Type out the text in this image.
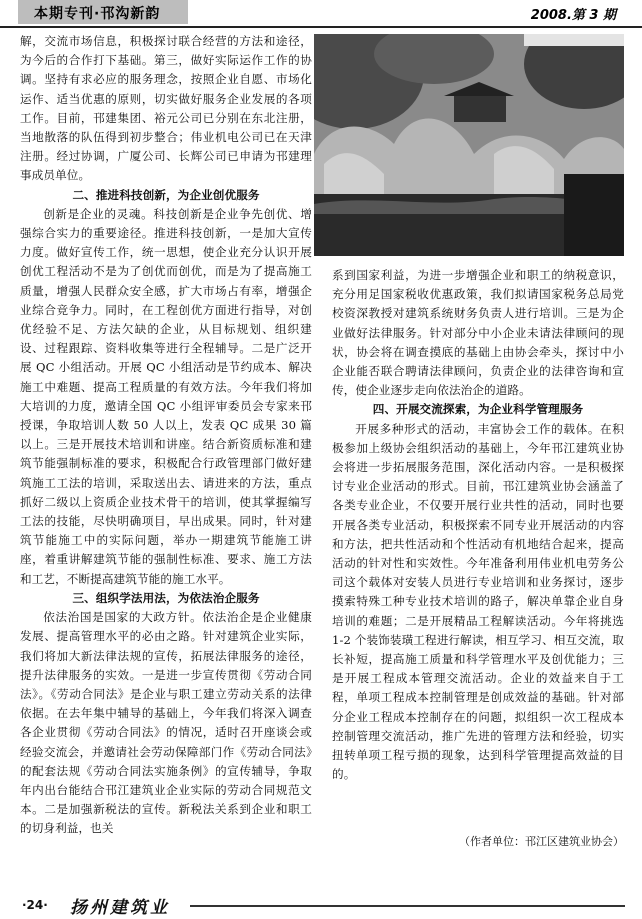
本期专刊·邗沟新韵	2008.第 3 期

解，交流市场信息，积极探讨联合经营的方法和途径，为今后的合作打下基础。第三，做好实际运作工作的协调。坚持有求必应的服务理念，按照企业自愿、市场化运作、适当优惠的原则，切实做好服务企业发展的各项工作。目前，邗建集团、裕元公司已分别在东北注册，当地散落的队伍得到初步整合；伟业机电公司已在天津注册。经过协调，广厦公司、长辉公司已申请为邗建理事成员单位。

二、推进科技创新，为企业创优服务

创新是企业的灵魂。科技创新是企业争先创优、增强综合实力的重要途径。推进科技创新，一是加大宣传力度。做好宣传工作，统一思想，使企业充分认识开展创优工程活动不是为了创优而创优，而是为了提高施工质量，增强人民群众安全感，扩大市场占有率，增强企业综合竞争力。同时，在工程创优方面进行指导，对创优经验不足、方法欠缺的企业，从目标规划、组织建设、过程跟踪、资料收集等进行全程辅导。二是广泛开展 QC 小组活动。开展 QC 小组活动是节约成本、解决施工中难题、提高工程质量的有效方法。今年我们将加大培训的力度，邀请全国 QC 小组评审委员会专家来邗授课，争取培训人数 50 人以上，发表 QC 成果 30 篇以上。三是开展技术培训和讲座。结合新资质标准和建筑节能强制标准的要求，积极配合行政管理部门做好建筑施工工法的培训，采取送出去、请进来的方法，重点抓好二级以上资质企业技术骨干的培训，使其掌握编写工法的技能，尽快明确项目，早出成果。同时，针对建筑节能施工中的实际问题，举办一期建筑节能施工讲座，着重讲解建筑节能的强制性标准、要求、施工方法和工艺，不断提高建筑节能的施工水平。

三、组织学法用法，为依法治企服务

依法治国是国家的大政方针。依法治企是企业健康发展、提高管理水平的必由之路。针对建筑企业实际，我们将加大新法律法规的宣传，拓展法律服务的途径，提升法律服务的实效。一是进一步宣传贯彻《劳动合同法》。《劳动合同法》是企业与职工建立劳动关系的法律依据。在去年集中辅导的基础上，今年我们将深入调查各企业贯彻《劳动合同法》的情况，适时召开座谈会或经验交流会，并邀请社会劳动保障部门作《劳动合同法》的配套法规《劳动合同法实施条例》的宣传辅导，争取年内出台能结合邗江建筑业企业实际的劳动合同规范文本。二是加强新税法的宣传。新税法关系到企业和职工的切身利益，也关

系到国家利益，为进一步增强企业和职工的纳税意识，充分用足国家税收优惠政策，我们拟请国家税务总局党校资深教授对建筑系统财务负责人进行培训。三是为企业做好法律服务。针对部分中小企业未请法律顾问的现状，协会将在调查摸底的基础上由协会牵头，探讨中小企业能否联合聘请法律顾问，负责企业的法律咨询和宣传，使企业逐步走向依法治企的道路。

四、开展交流探索，为企业科学管理服务

开展多种形式的活动，丰富协会工作的载体。在积极参加上级协会组织活动的基础上，今年邗江建筑业协会将进一步拓展服务范围，深化活动内容。一是积极探讨专业企业活动的形式。目前，邗江建筑业协会涵盖了各类专业企业，不仅要开展行业共性的活动，同时也要开展各类专业活动，积极探索不同专业开展活动的内容和方法，把共性活动和个性活动有机地结合起来，提高活动的针对性和实效性。今年准备利用伟业机电劳务公司这个载体对安装人员进行专业培训和业务探讨，逐步摸索特殊工种专业技术培训的路子，解决单靠企业自身培训的难题；二是开展精品工程解读活动。今年将挑选 1-2 个装饰装璜工程进行解读，相互学习、相互交流，取长补短，提高施工质量和科学管理水平及创优能力；三是开展工程成本管理交流活动。企业的效益来自于工程，单项工程成本控制管理是创成效益的基础。针对部分企业工程成本控制存在的问题，拟组织一次工程成本控制管理交流活动，推广先进的管理方法和经验，切实扭转单项工程亏损的现象，达到科学管理提高效益的目的。

（作者单位：邗江区建筑业协会）
·24· 扬州建筑业
